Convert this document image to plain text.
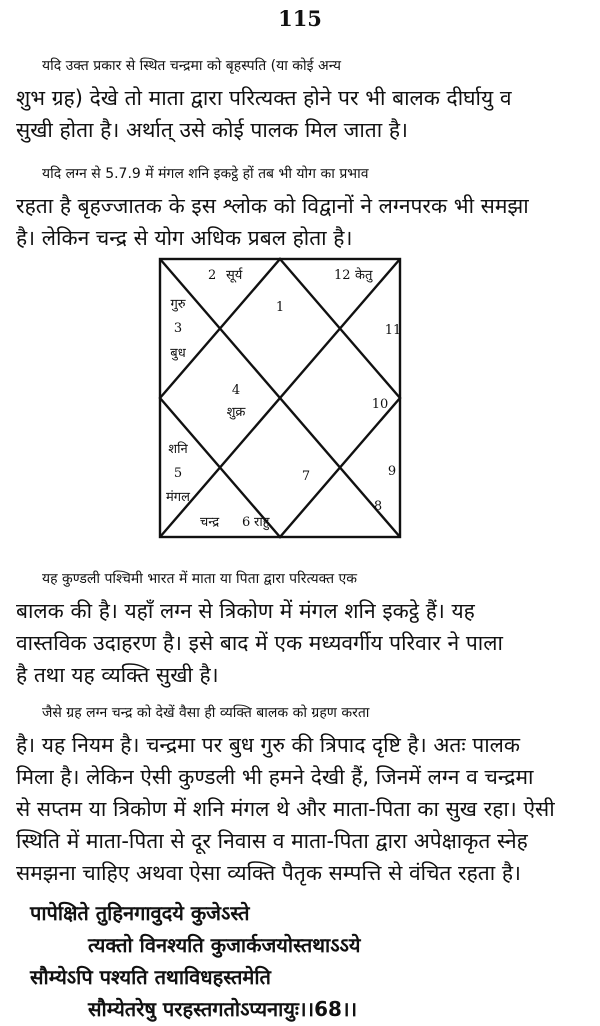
115
यदि उक्त प्रकार से स्थित चन्द्रमा को बृहस्पति (या कोई अन्य
शुभ ग्रह) देखे तो माता द्वारा परित्यक्त होने पर भी बालक दीर्घायु व
सुखी होता है। अर्थात् उसे कोई पालक मिल जाता है।
यदि लग्न से 5.7.9 में मंगल शनि इकट्ठे हों तब भी योग का प्रभाव
रहता है बृहज्जातक के इस श्लोक को विद्वानों ने लग्नपरक भी समझा
है। लेकिन चन्द्र से योग अधिक प्रबल होता है।
1
2 सूर्य
गुरु
3
बुध
4
शुक्र
शनि
5
मंगल
चन्द्र 6 राहु
7
8
9
10
11
12 केतु
यह कुण्डली पश्चिमी भारत में माता या पिता द्वारा परित्यक्त एक
बालक की है। यहाँ लग्न से त्रिकोण में मंगल शनि इकट्ठे हैं। यह
वास्तविक उदाहरण है। इसे बाद में एक मध्यवर्गीय परिवार ने पाला
है तथा यह व्यक्ति सुखी है।
जैसे ग्रह लग्न चन्द्र को देखें वैसा ही व्यक्ति बालक को ग्रहण करता
है। यह नियम है। चन्द्रमा पर बुध गुरु की त्रिपाद दृष्टि है। अतः पालक
मिला है। लेकिन ऐसी कुण्डली भी हमने देखी हैं, जिनमें लग्न व चन्द्रमा
से सप्तम या त्रिकोण में शनि मंगल थे और माता-पिता का सुख रहा। ऐसी
स्थिति में माता-पिता से दूर निवास व माता-पिता द्वारा अपेक्षाकृत स्नेह
समझना चाहिए अथवा ऐसा व्यक्ति पैतृक सम्पत्ति से वंचित रहता है।
पापेक्षिते तुहिनगावुदये कुजेऽस्ते
त्यक्तो विनश्यति कुजार्कजयोस्तथाऽऽये
सौम्येऽपि पश्यति तथाविधहस्तमेति
सौम्येतरेषु परहस्तगतोऽप्यनायुः।।68।।
